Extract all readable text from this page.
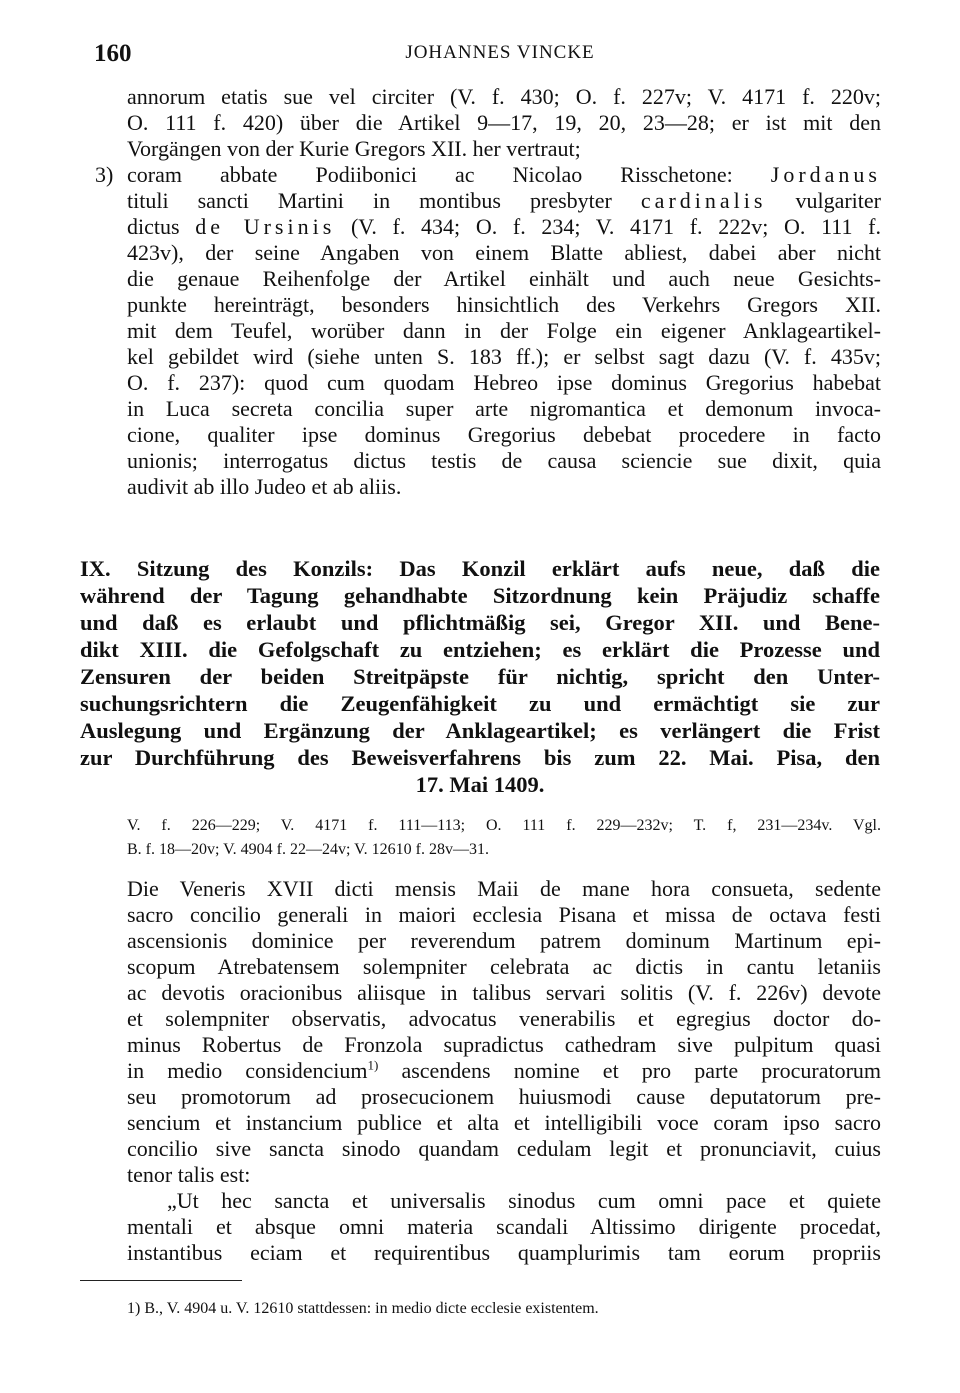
160	JOHANNES VINCKE
annorum etatis sue vel circiter (V. f. 430; O. f. 227v; V. 4171 f. 220v;
O. 111 f. 420) über die Artikel 9—17, 19, 20, 23—28; er ist mit den
Vorgängen von der Kurie Gregors XII. her vertraut;
3) coram abbate Podiibonici ac Nicolao Risschetone: Jordanus
tituli sancti Martini in montibus presbyter cardinalis vulgariter
dictus de Ursinis (V. f. 434; O. f. 234; V. 4171 f. 222v; O. 111 f.
423v), der seine Angaben von einem Blatte abliest, dabei aber nicht
die genaue Reihenfolge der Artikel einhält und auch neue Gesichts-
punkte hereinträgt, besonders hinsichtlich des Verkehrs Gregors XII.
mit dem Teufel, worüber dann in der Folge ein eigener Anklageartikel-
kel gebildet wird (siehe unten S. 183 ff.); er selbst sagt dazu (V. f. 435v;
O. f. 237): quod cum quodam Hebreo ipse dominus Gregorius habebat
in Luca secreta concilia super arte nigromantica et demonum invoca-
cione, qualiter ipse dominus Gregorius debebat procedere in facto
unionis; interrogatus dictus testis de causa sciencie sue dixit, quia
audivit ab illo Judeo et ab aliis.
IX. Sitzung des Konzils: Das Konzil erklärt aufs neue, daß die
während der Tagung gehandhabte Sitzordnung kein Präjudiz schaffe
und daß es erlaubt und pflichtmäßig sei, Gregor XII. und Bene-
dikt XIII. die Gefolgschaft zu entziehen; es erklärt die Prozesse und
Zensuren der beiden Streitpäpste für nichtig, spricht den Unter-
suchungsrichtern die Zeugenfähigkeit zu und ermächtigt sie zur
Auslegung und Ergänzung der Anklageartikel; es verlängert die Frist
zur Durchführung des Beweisverfahrens bis zum 22. Mai. Pisa, den
17. Mai 1409.
V. f. 226—229; V. 4171 f. 111—113; O. 111 f. 229—232v; T. f, 231—234v. Vgl.
B. f. 18—20v; V. 4904 f. 22—24v; V. 12610 f. 28v—31.
Die Veneris XVII dicti mensis Maii de mane hora consueta, sedente
sacro concilio generali in maiori ecclesia Pisana et missa de octava festi
ascensionis dominice per reverendum patrem dominum Martinum epi-
scopum Atrebatensem solempniter celebrata ac dictis in cantu letaniis
ac devotis oracionibus aliisque in talibus servari solitis (V. f. 226v) devote
et solempniter observatis, advocatus venerabilis et egregius doctor do-
minus Robertus de Fronzola supradictus cathedram sive pulpitum quasi
in medio considencium$^{1)}$ ascendens nomine et pro parte procuratorum
seu promotorum ad prosecucionem huiusmodi cause deputatorum pre-
sencium et instancium publice et alta et intelligibili voce coram ipso sacro
concilio sive sancta sinodo quandam cedulam legit et pronunciavit, cuius
tenor talis est:
„Ut hec sancta et universalis sinodus cum omni pace et quiete
mentali et absque omni materia scandali Altissimo dirigente procedat,
instantibus eciam et requirentibus quamplurimis tam eorum propriis
1) B., V. 4904 u. V. 12610 stattdessen: in medio dicte ecclesie existentem.
